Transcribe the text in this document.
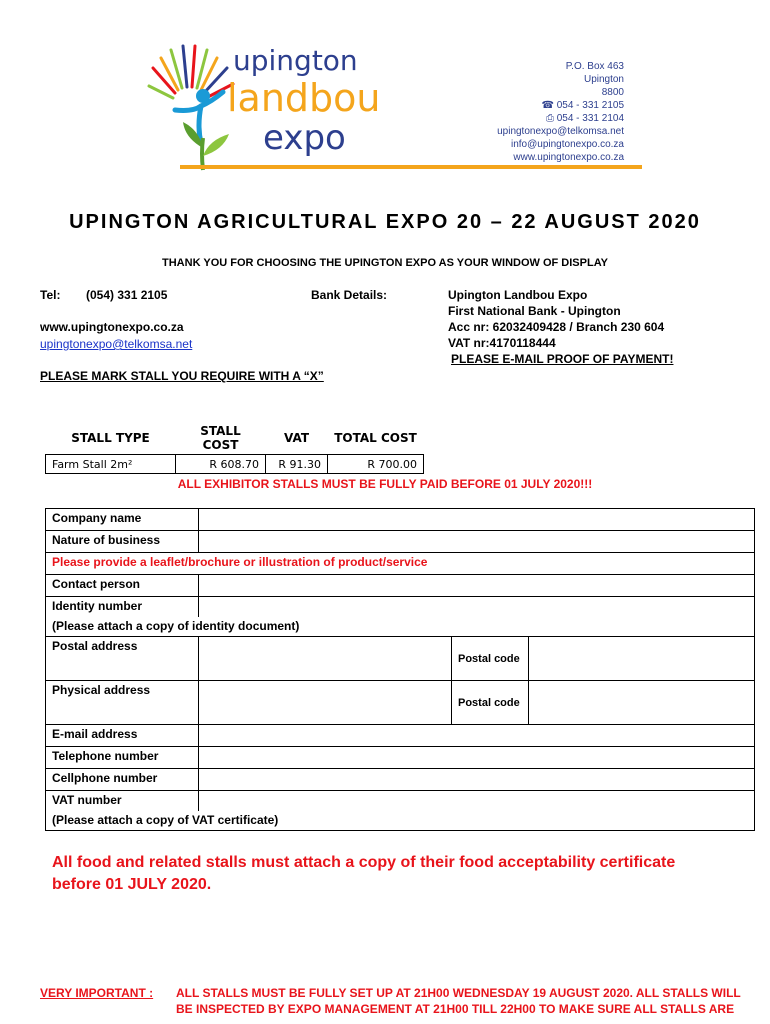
upington
landbou
expo
P.O. Box 463
Upington
8800
☎ 054 - 331 2105
⎙ 054 - 331 2104
upingtonexpo@telkomsa.net
info@upingtonexpo.co.za
www.upingtonexpo.co.za
UPINGTON AGRICULTURAL EXPO 20 – 22 AUGUST 2020
THANK YOU FOR CHOOSING THE UPINGTON EXPO AS YOUR WINDOW OF DISPLAY
Tel: (054) 331 2105
www.upingtonexpo.co.za
upingtonexpo@telkomsa.net
Bank Details:	Upington Landbou Expo
First National Bank - Upington
Acc nr: 62032409428 / Branch 230 604
VAT nr:4170118444
PLEASE E-MAIL PROOF OF PAYMENT!
PLEASE MARK STALL YOU REQUIRE WITH A “X”
STALL TYPE	STALL COST	VAT	TOTAL COST
Farm Stall 2m²	R 608.70	R 91.30	R 700.00
ALL EXHIBITOR STALLS MUST BE FULLY PAID BEFORE 01 JULY 2020!!!
Company name			
Nature of business			
Please provide a leaflet/brochure or illustration of product/service			
Contact person			
Identity number			
(Please attach a copy of identity document)			
Postal address		Postal code	
Physical address		Postal code	
E-mail address			
Telephone number			
Cellphone number			
VAT number			
(Please attach a copy of VAT certificate)			
All food and related stalls must attach a copy of their food acceptability certificate before 01 JULY 2020.
VERY IMPORTANT : ALL STALLS MUST BE FULLY SET UP AT 21H00 WEDNESDAY 19 AUGUST 2020. ALL STALLS WILL
BE INSPECTED BY EXPO MANAGEMENT AT 21H00 TILL 22H00 TO MAKE SURE ALL STALLS ARE
